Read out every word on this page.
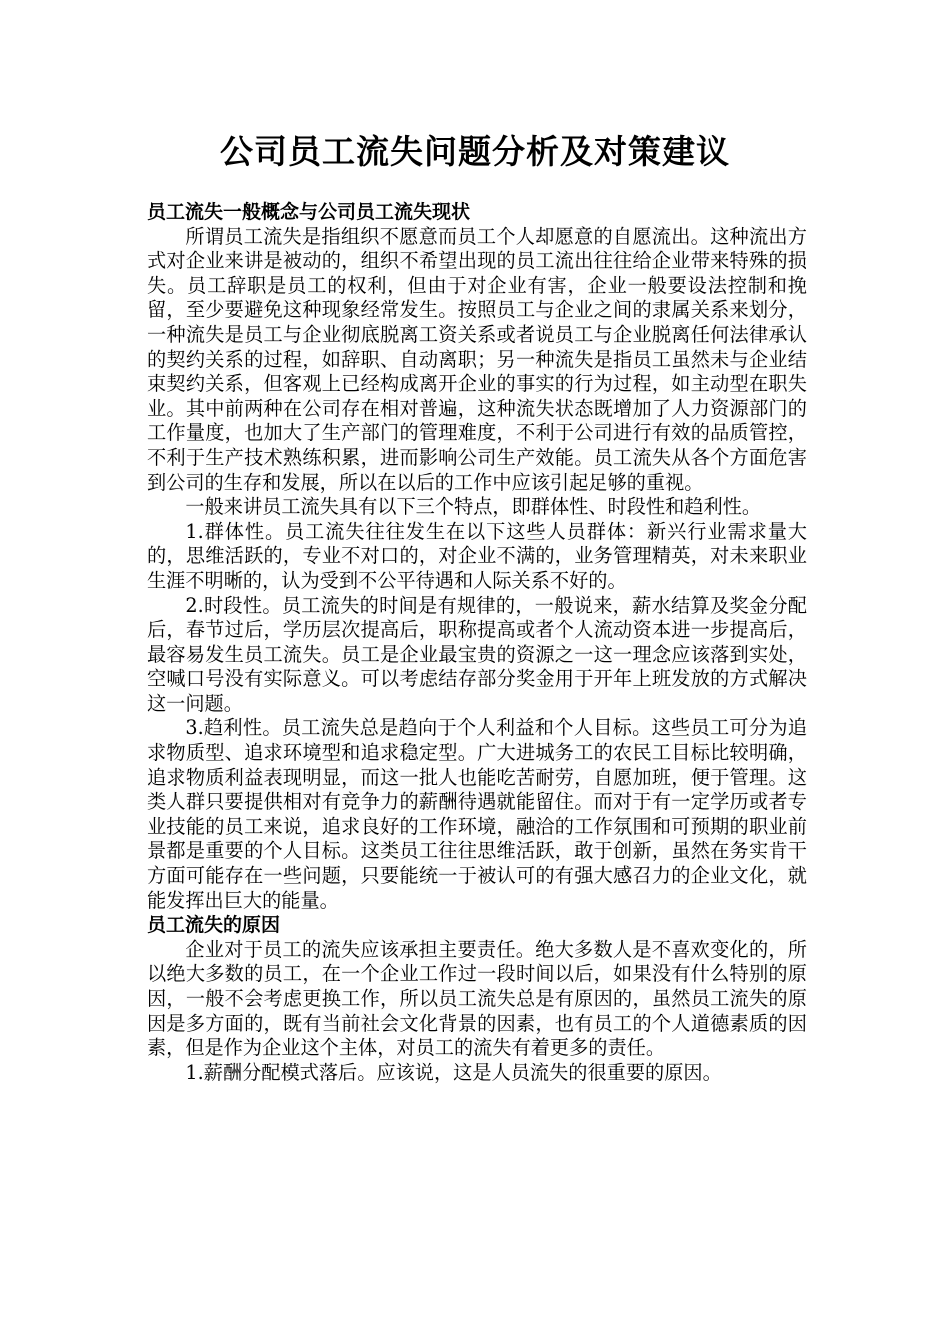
公司员工流失问题分析及对策建议
员工流失一般概念与公司员工流失现状

所谓员工流失是指组织不愿意而员工个人却愿意的自愿流出。这种流出方式对企业来讲是被动的，组织不希望出现的员工流出往往给企业带来特殊的损失。员工辞职是员工的权利，但由于对企业有害，企业一般要设法控制和挽留，至少要避免这种现象经常发生。按照员工与企业之间的隶属关系来划分，一种流失是员工与企业彻底脱离工资关系或者说员工与企业脱离任何法律承认的契约关系的过程，如辞职、自动离职；另一种流失是指员工虽然未与企业结束契约关系，但客观上已经构成离开企业的事实的行为过程，如主动型在职失业。其中前两种在公司存在相对普遍，这种流失状态既增加了人力资源部门的工作量度，也加大了生产部门的管理难度，不利于公司进行有效的品质管控，不利于生产技术熟练积累，进而影响公司生产效能。员工流失从各个方面危害到公司的生存和发展，所以在以后的工作中应该引起足够的重视。

一般来讲员工流失具有以下三个特点，即群体性、时段性和趋利性。

1.群体性。员工流失往往发生在以下这些人员群体：新兴行业需求量大的，思维活跃的，专业不对口的，对企业不满的，业务管理精英，对未来职业生涯不明晰的，认为受到不公平待遇和人际关系不好的。

2.时段性。员工流失的时间是有规律的，一般说来，薪水结算及奖金分配后，春节过后，学历层次提高后，职称提高或者个人流动资本进一步提高后，最容易发生员工流失。员工是企业最宝贵的资源之一这一理念应该落到实处，空喊口号没有实际意义。可以考虑结存部分奖金用于开年上班发放的方式解决这一问题。

3.趋利性。员工流失总是趋向于个人利益和个人目标。这些员工可分为追求物质型、追求环境型和追求稳定型。广大进城务工的农民工目标比较明确，追求物质利益表现明显，而这一批人也能吃苦耐劳，自愿加班，便于管理。这类人群只要提供相对有竞争力的薪酬待遇就能留住。而对于有一定学历或者专业技能的员工来说，追求良好的工作环境，融洽的工作氛围和可预期的职业前景都是重要的个人目标。这类员工往往思维活跃，敢于创新，虽然在务实肯干方面可能存在一些问题，只要能统一于被认可的有强大感召力的企业文化，就能发挥出巨大的能量。

员工流失的原因

企业对于员工的流失应该承担主要责任。绝大多数人是不喜欢变化的，所以绝大多数的员工，在一个企业工作过一段时间以后，如果没有什么特别的原因，一般不会考虑更换工作，所以员工流失总是有原因的，虽然员工流失的原因是多方面的，既有当前社会文化背景的因素，也有员工的个人道德素质的因素，但是作为企业这个主体，对员工的流失有着更多的责任。

1.薪酬分配模式落后。应该说，这是人员流失的很重要的原因。
